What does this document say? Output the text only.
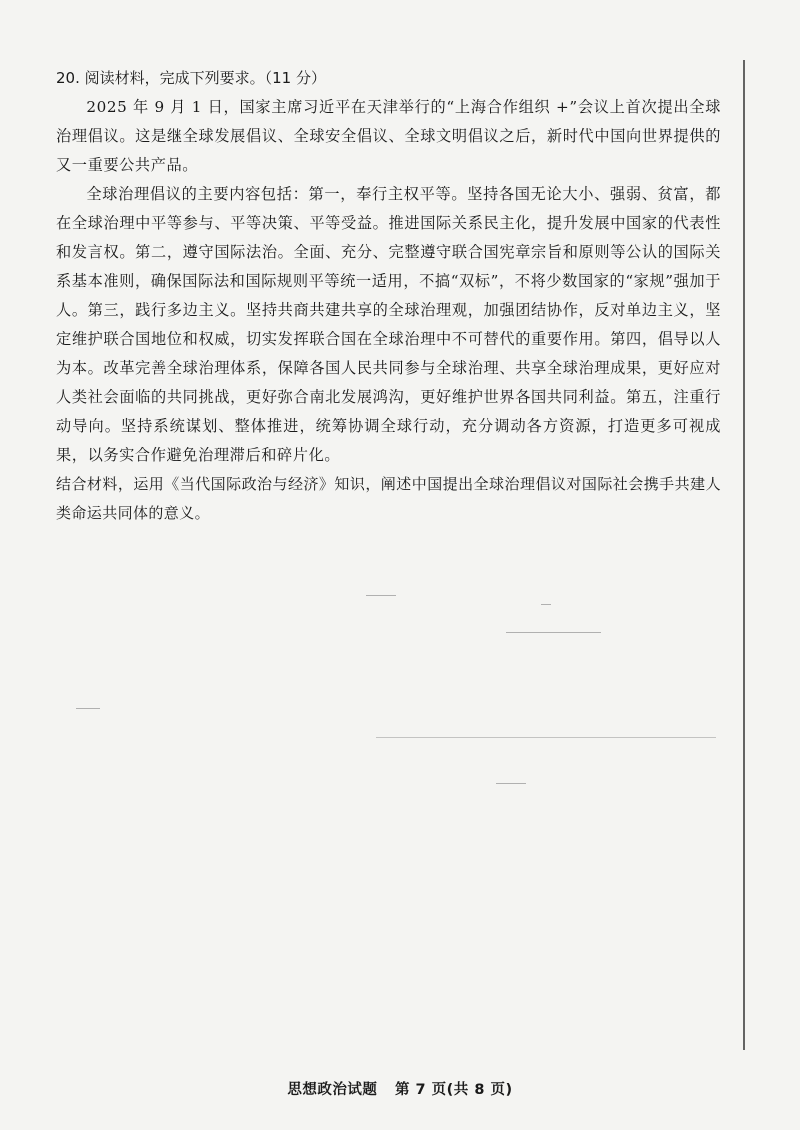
20. 阅读材料，完成下列要求。（11 分）

2025 年 9 月 1 日，国家主席习近平在天津举行的“上海合作组织 +”会议上首次提出全球治理倡议。这是继全球发展倡议、全球安全倡议、全球文明倡议之后，新时代中国向世界提供的又一重要公共产品。

全球治理倡议的主要内容包括：第一，奉行主权平等。坚持各国无论大小、强弱、贫富，都在全球治理中平等参与、平等决策、平等受益。推进国际关系民主化，提升发展中国家的代表性和发言权。第二，遵守国际法治。全面、充分、完整遵守联合国宪章宗旨和原则等公认的国际关系基本准则，确保国际法和国际规则平等统一适用，不搞“双标”，不将少数国家的“家规”强加于人。第三，践行多边主义。坚持共商共建共享的全球治理观，加强团结协作，反对单边主义，坚定维护联合国地位和权威，切实发挥联合国在全球治理中不可替代的重要作用。第四，倡导以人为本。改革完善全球治理体系，保障各国人民共同参与全球治理、共享全球治理成果，更好应对人类社会面临的共同挑战，更好弥合南北发展鸿沟，更好维护世界各国共同利益。第五，注重行动导向。坚持系统谋划、整体推进，统筹协调全球行动，充分调动各方资源，打造更多可视成果，以务实合作避免治理滞后和碎片化。

结合材料，运用《当代国际政治与经济》知识，阐述中国提出全球治理倡议对国际社会携手共建人类命运共同体的意义。

思想政治试题 第 7 页(共 8 页)
